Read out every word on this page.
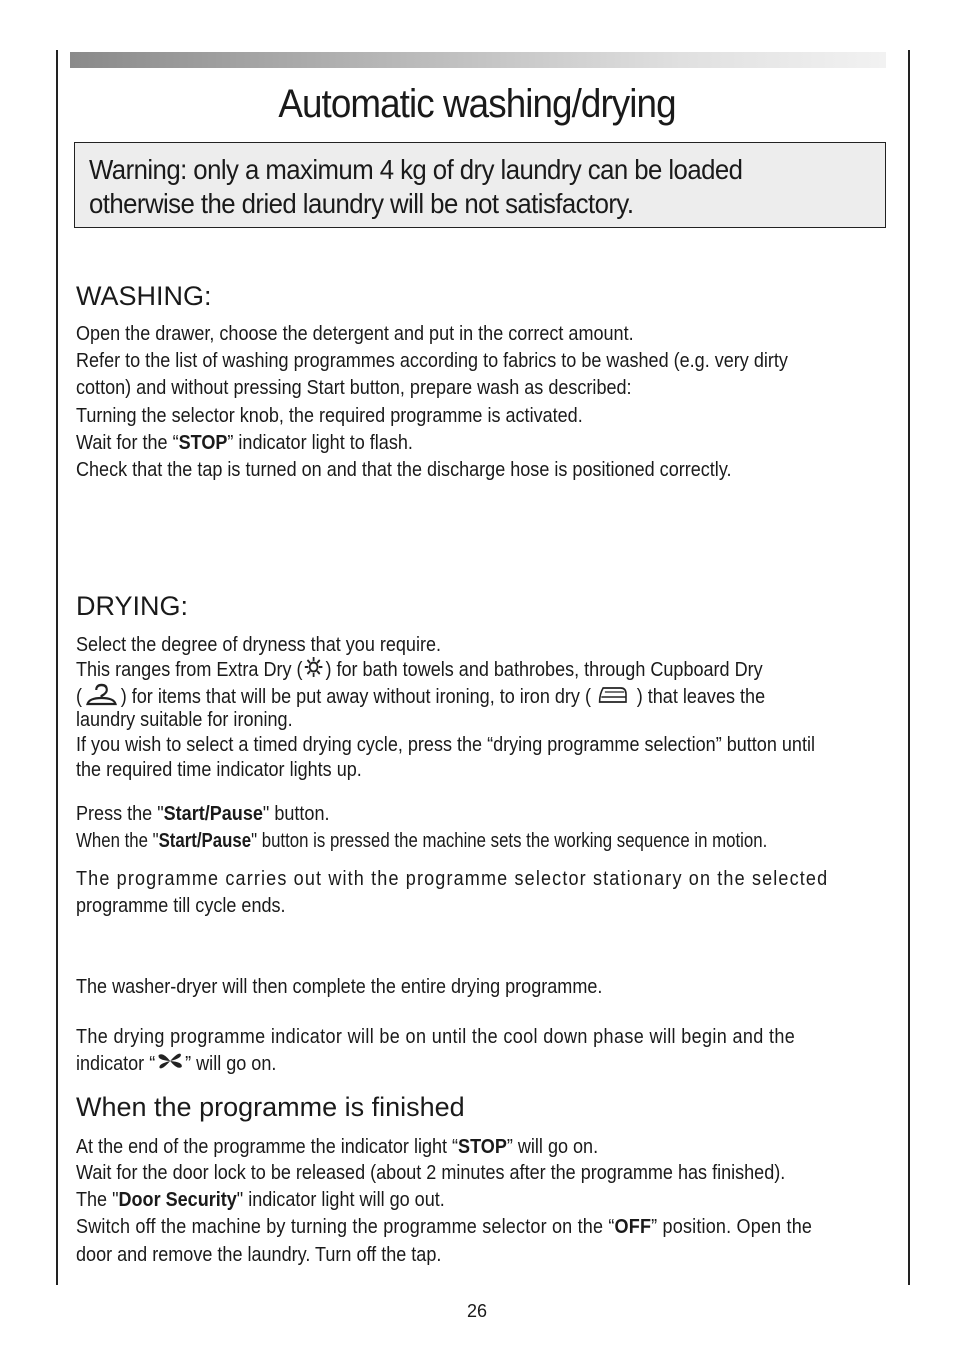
Automatic washing/drying
Warning: only a maximum 4 kg of dry laundry can be loaded
otherwise the dried laundry will be not satisfactory.
WASHING:

Open the drawer, choose the detergent and put in the correct amount.

Refer to the list of washing programmes according to fabrics to be washed (e.g. very dirty

cotton) and without pressing Start button, prepare wash as described:

Turning the selector knob, the required programme is activated.

Wait for the “STOP” indicator light to flash.

Check that the tap is turned on and that the discharge hose is positioned correctly.

DRYING:

Select the degree of dryness that you require.

This ranges from Extra Dry ( ) for bath towels and bathrobes, through Cupboard Dry

( ) for items that will be put away without ironing, to iron dry ( ) that leaves the

laundry suitable for ironing.

If you wish to select a timed drying cycle, press the “drying programme selection” button until

the required time indicator lights up.

Press the "Start/Pause" button.

When the "Start/Pause" button is pressed the machine sets the working sequence in motion.

The programme carries out with the programme selector stationary on the selected

programme till cycle ends.

The washer-dryer will then complete the entire drying programme.

The drying programme indicator will be on until the cool down phase will begin and the

indicator “ ” will go on.

When the programme is finished

At the end of the programme the indicator light “STOP” will go on.

Wait for the door lock to be released (about 2 minutes after the programme has finished).

The "Door Security" indicator light will go out.

Switch off the machine by turning the programme selector on the “OFF” position. Open the

door and remove the laundry. Turn off the tap.

26
